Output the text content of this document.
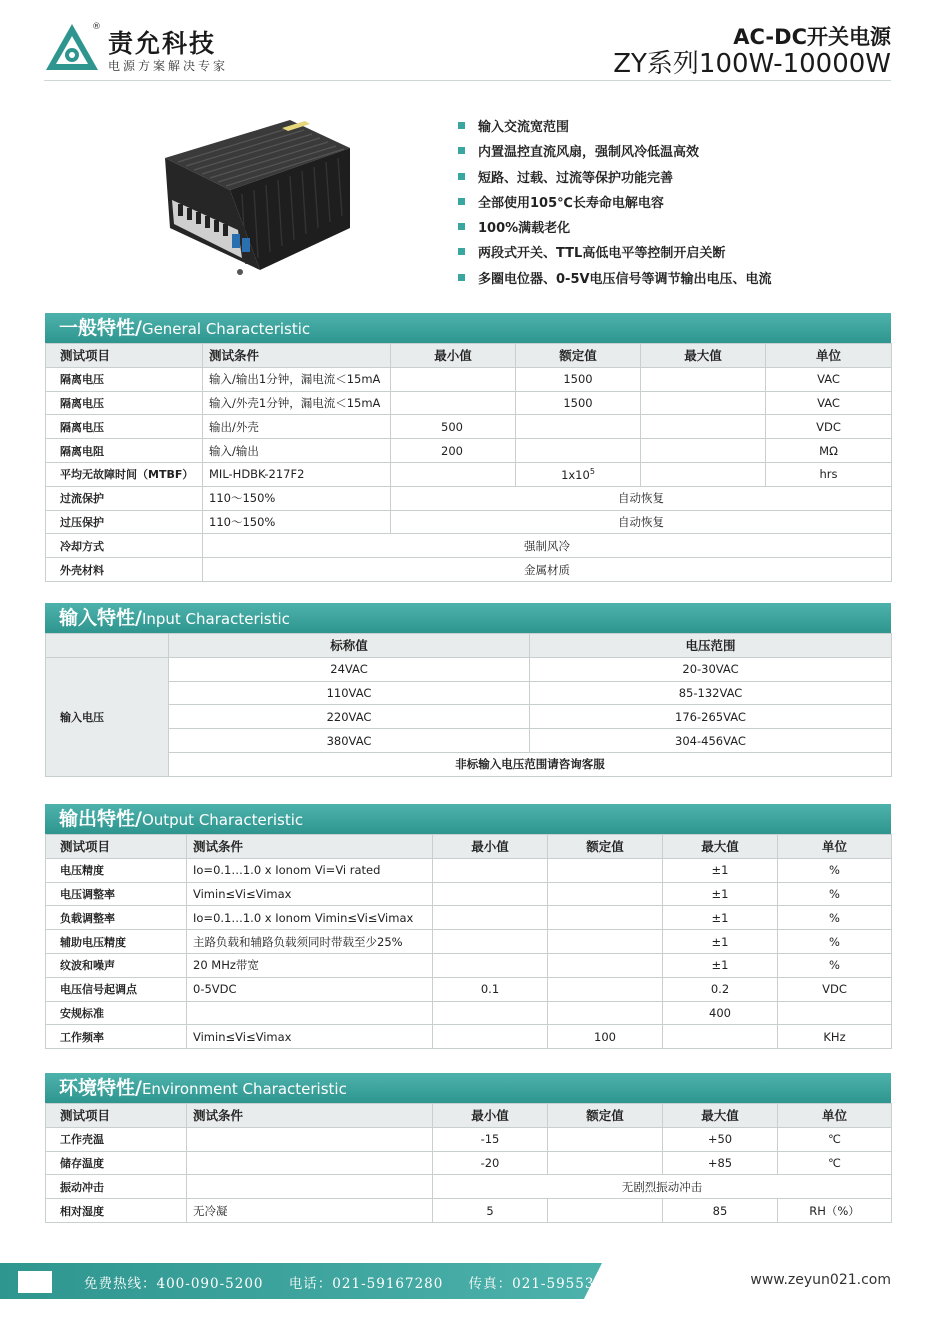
®
责允科技
电源方案解决专家
AC-DC开关电源
ZY系列100W-10000W
输入交流宽范围
内置温控直流风扇，强制风冷低温高效
短路、过载、过流等保护功能完善
全部使用105℃长寿命电解电容
100%满载老化
两段式开关、TTL高低电平等控制开启关断
多圈电位器、0-5V电压信号等调节输出电压、电流
一般特性/General Characteristic
测试项目	测试条件	最小值	额定值	最大值	单位
隔离电压	输入/输出1分钟，漏电流＜15mA		1500		VAC
隔离电压	输入/外壳1分钟，漏电流＜15mA		1500		VAC
隔离电压	输出/外壳	500			VDC
隔离电阻	输入/输出	200			MΩ
平均无故障时间（MTBF）	MIL-HDBK-217F2		$1x10^5$		hrs
过流保护	110～150%	自动恢复			
过压保护	110～150%	自动恢复			
冷却方式	强制风冷				
外壳材料	金属材质				
输入特性/Input Characteristic
	标称值	电压范围
输入电压	24VAC	20-30VAC
	110VAC	85-132VAC
	220VAC	176-265VAC
	380VAC	304-456VAC
	非标输入电压范围请咨询客服	
输出特性/Output Characteristic
测试项目	测试条件	最小值	额定值	最大值	单位
电压精度	Io=0.1…1.0 x Ionom Vi=Vi rated			±1	%
电压调整率	Vimin≤Vi≤Vimax			±1	%
负载调整率	Io=0.1…1.0 x Ionom Vimin≤Vi≤Vimax			±1	%
辅助电压精度	主路负载和辅路负载须同时带载至少25%			±1	%
纹波和噪声	20 MHz带宽			±1	%
电压信号起调点	0-5VDC	0.1		0.2	VDC
安规标准				400	
工作频率	Vimin≤Vi≤Vimax		100		KHz
环境特性/Environment Characteristic
测试项目	测试条件	最小值	额定值	最大值	单位
工作壳温		-15		+50	℃
储存温度		-20		+85	℃
振动冲击		无剧烈振动冲击			
相对湿度	无冷凝	5		85	RH（%）
免费热线：400-090-5200 电话：021-59167280 传真：021-59553702	www.zeyun021.com
